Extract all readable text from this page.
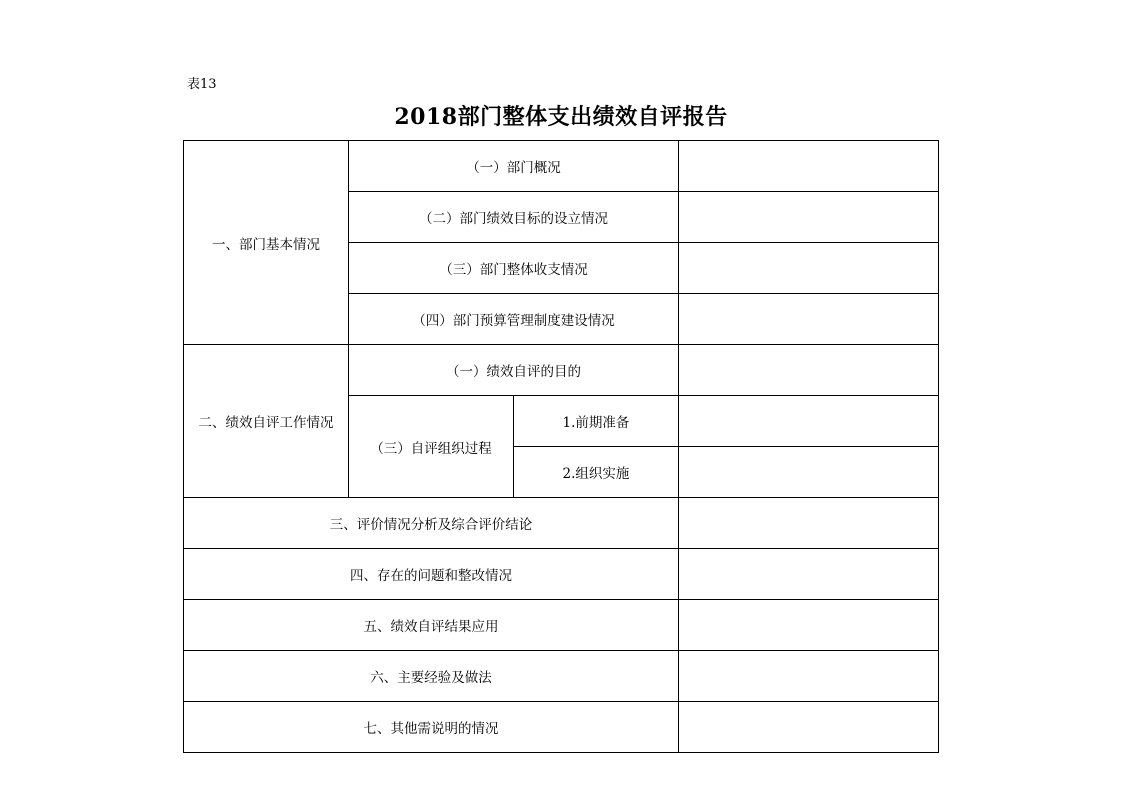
表13
2018部门整体支出绩效自评报告
一、部门基本情况	（一）部门概况		
	（二）部门绩效目标的设立情况		
	（三）部门整体收支情况		
	（四）部门预算管理制度建设情况		
二、绩效自评工作情况	（一）绩效自评的目的		
	（三）自评组织过程	1.前期准备	
		2.组织实施	
三、评价情况分析及综合评价结论			
四、存在的问题和整改情况			
五、绩效自评结果应用			
六、主要经验及做法			
七、其他需说明的情况			
